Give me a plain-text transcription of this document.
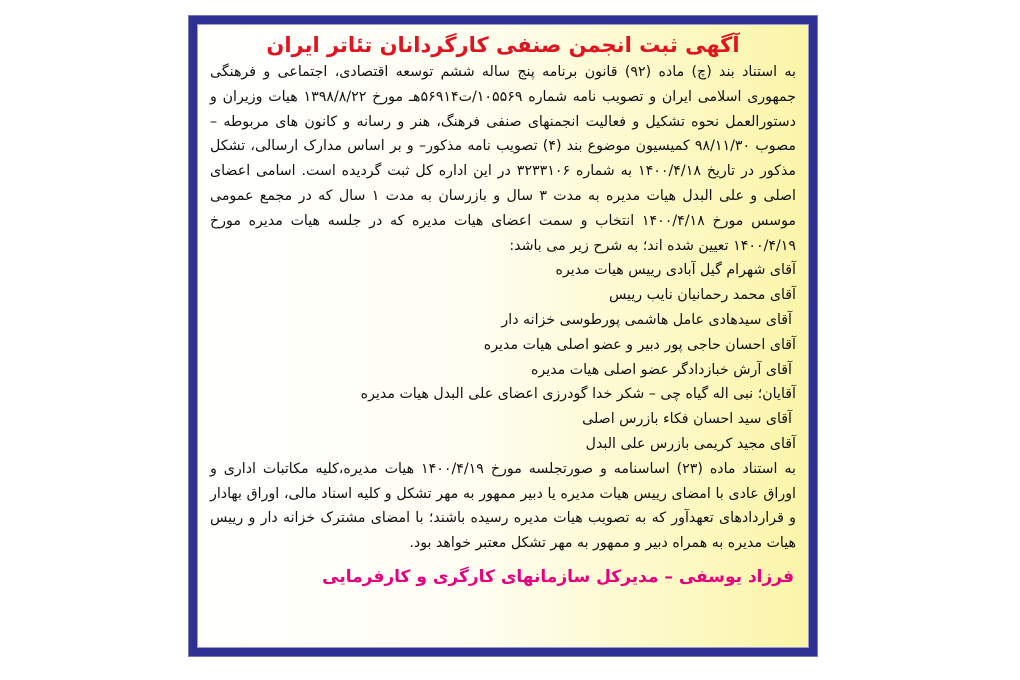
آگهی ثبت انجمن صنفی کارگردانان تئاتر ایران

به استناد بند (چ) ماده (۹۲) قانون برنامه پنج ساله ششم توسعه اقتصادی، اجتماعی و فرهنگی جمهوری اسلامی ایران و تصویب نامه شماره ۱۰۵۵۶۹/ت۵۶۹۱۴هـ مورخ ۱۳۹۸/۸/۲۲ هیات وزیران و دستورالعمل نحوه تشکیل و فعالیت انجمنهای صنفی فرهنگ، هنر و رسانه و کانون های مربوطه – مصوب ۹۸/۱۱/۳۰ کمیسیون موضوع بند (۴) تصویب نامه مذکور– و بر اساس مدارک ارسالی، تشکل مذکور در تاریخ ۱۴۰۰/۴/۱۸ به شماره ۳۲۳۳۱۰۶ در این اداره کل ثبت گردیده است. اسامی اعضای اصلی و علی البدل هیات مدیره به مدت ۳ سال و بازرسان به مدت ۱ سال که در مجمع عمومی موسس مورخ ۱۴۰۰/۴/۱۸ انتخاب و سمت اعضای هیات مدیره که در جلسه هیات مدیره مورخ ۱۴۰۰/۴/۱۹ تعیین شده اند؛ به شرح زیر می باشد:

آقای شهرام گیل آبادی رییس هیات مدیره
آقای محمد رحمانیان نایب رییس
آقای سیدهادی عامل هاشمی پورطوسی خزانه دار
آقای احسان حاجی پور دبیر و عضو اصلی هیات مدیره
آقای آرش خبازدادگر عضو اصلی هیات مدیره
آقایان؛ نبی اله گیاه چی – شکر خدا گودرزی اعضای علی البدل هیات مدیره
آقای سید احسان فکاء بازرس اصلی
آقای مجید کریمی بازرس علی البدل

به استناد ماده (۲۳) اساسنامه و صورتجلسه مورخ ۱۴۰۰/۴/۱۹ هیات مدیره،کلیه مکاتبات اداری و اوراق عادی با امضای رییس هیات مدیره یا دبیر ممهور به مهر تشکل و کلیه اسناد مالی، اوراق بهادار و قراردادهای تعهدآور که به تصویب هیات مدیره رسیده باشند؛ با امضای مشترک خزانه دار و رییس هیات مدیره به همراه دبیر و ممهور به مهر تشکل معتبر خواهد بود.

فرزاد یوسفی – مدیرکل سازمانهای کارگری و کارفرمایی
